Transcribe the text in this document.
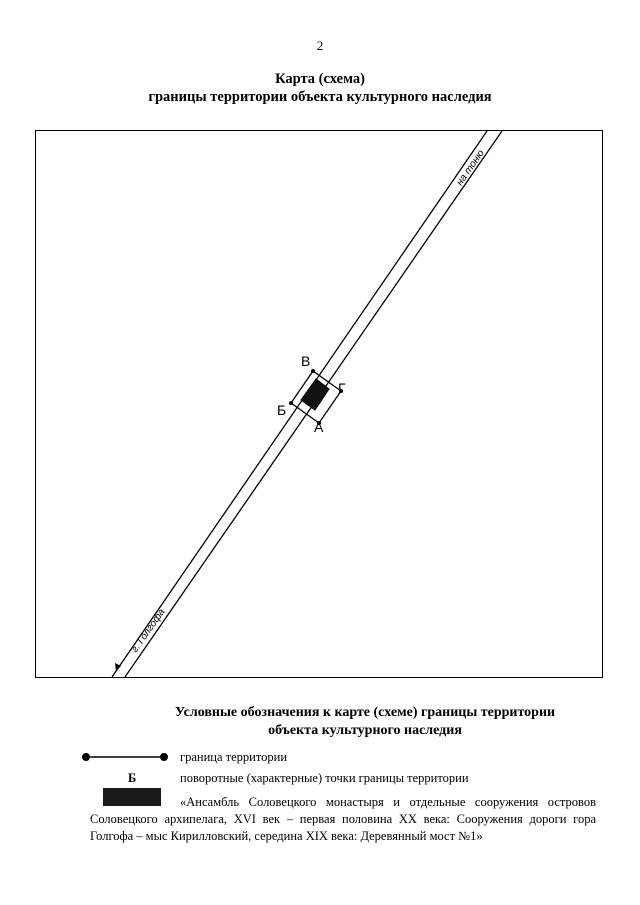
2
Карта (схема)
границы территории объекта культурного наследия
на тоню
г. Голгофа
А
Б
В
Г
Условные обозначения к карте (схеме) границы территории
объекта культурного наследия
граница территории
Б	поворотные (характерные) точки границы территории
«Ансамбль Соловецкого монастыря и отдельные сооружения островов Соловецкого архипелага, XVI век – первая половина XX века: Сооружения дороги гора Голгофа – мыс Кирилловский, середина XIX века: Деревянный мост №1»
